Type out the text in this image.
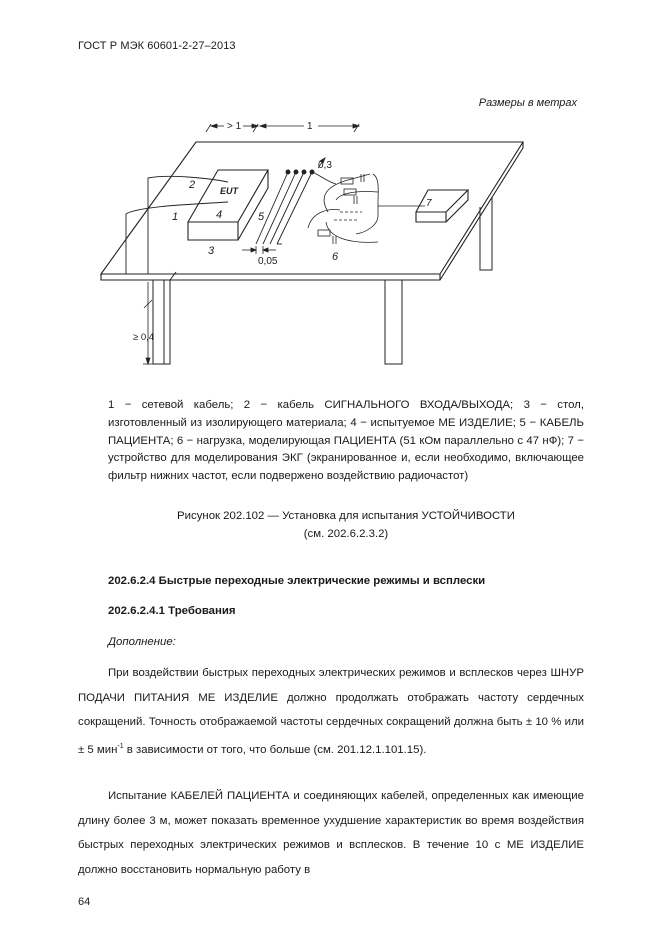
ГОСТ Р МЭК 60601-2-27–2013
Размеры в метрах
> 1	1
≥ 0,4
1
2
3
EUT
4	5
0,05
0,3
6
7
1 − сетевой кабель; 2 − кабель СИГНАЛЬНОГО ВХОДА/ВЫХОДА; 3 − стол, изготовленный из изолирующего материала; 4 − испытуемое МЕ ИЗДЕЛИЕ; 5 − КАБЕЛЬ ПАЦИЕНТА; 6 − нагрузка, моделирующая ПАЦИЕНТА (51 кОм параллельно с 47 нФ); 7 − устройство для моделирования ЭКГ (экранированное и, если необходимо, включающее фильтр нижних частот, если подвержено воздействию радиочастот)
Рисунок 202.102 — Установка для испытания УСТОЙЧИВОСТИ
(см. 202.6.2.3.2)
202.6.2.4 Быстрые переходные электрические режимы и всплески
202.6.2.4.1 Требования
Дополнение:
При воздействии быстрых переходных электрических режимов и всплесков через ШНУР ПОДАЧИ ПИТАНИЯ МЕ ИЗДЕЛИЕ должно продолжать отображать частоту сердечных сокращений. Точность отображаемой частоты сердечных сокращений должна быть ± 10 % или ± 5 мин$^{-1}$ в зависимости от того, что больше (см. 201.12.1.101.15).
Испытание КАБЕЛЕЙ ПАЦИЕНТА и соединяющих кабелей, определенных как имеющие длину более 3 м, может показать временное ухудшение характеристик во время воздействия быстрых переходных электрических режимов и всплесков. В течение 10 с МЕ ИЗДЕЛИЕ должно восстановить нормальную работу в
64
